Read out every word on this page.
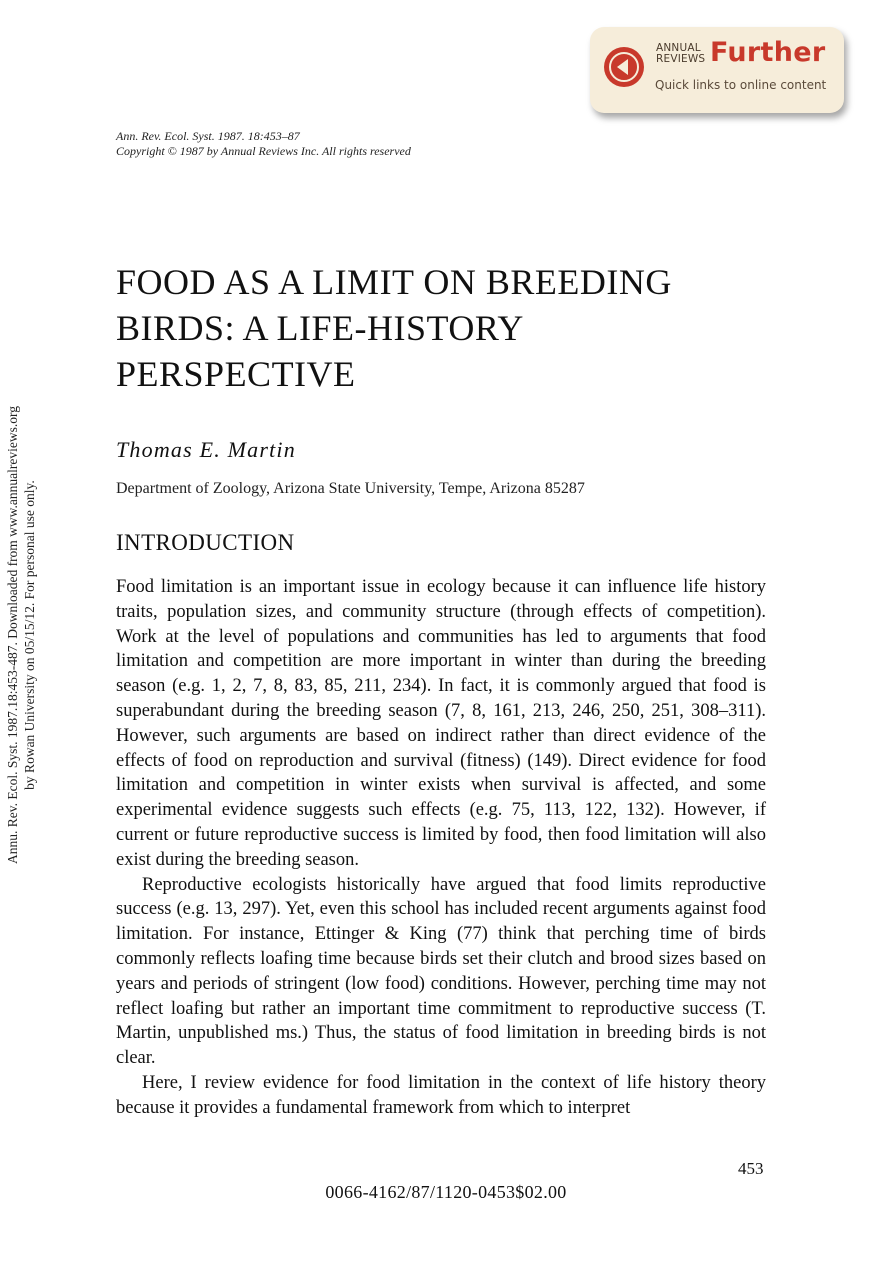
ANNUAL
REVIEWS Further
Quick links to online content
Annu. Rev. Ecol. Syst. 1987.18:453-487. Downloaded from www.annualreviews.org by Rowan University on 05/15/12. For personal use only.
Ann. Rev. Ecol. Syst. 1987. 18:453–87
Copyright © 1987 by Annual Reviews Inc. All rights reserved
FOOD AS A LIMIT ON BREEDING
BIRDS: A LIFE-HISTORY
PERSPECTIVE
Thomas E. Martin
Department of Zoology, Arizona State University, Tempe, Arizona 85287
INTRODUCTION

Food limitation is an important issue in ecology because it can influence life history traits, population sizes, and community structure (through effects of competition). Work at the level of populations and communities has led to arguments that food limitation and competition are more important in winter than during the breeding season (e.g. 1, 2, 7, 8, 83, 85, 211, 234). In fact, it is commonly argued that food is superabundant during the breeding season (7, 8, 161, 213, 246, 250, 251, 308–311). However, such arguments are based on indirect rather than direct evidence of the effects of food on reproduction and survival (fitness) (149). Direct evidence for food limitation and competition in winter exists when survival is affected, and some experimental evidence suggests such effects (e.g. 75, 113, 122, 132). However, if current or future reproductive success is limited by food, then food limitation will also exist during the breeding season.

Reproductive ecologists historically have argued that food limits reproductive success (e.g. 13, 297). Yet, even this school has included recent arguments against food limitation. For instance, Ettinger & King (77) think that perching time of birds commonly reflects loafing time because birds set their clutch and brood sizes based on years and periods of stringent (low food) conditions. However, perching time may not reflect loafing but rather an important time commitment to reproductive success (T. Martin, unpublished ms.) Thus, the status of food limitation in breeding birds is not clear.

Here, I review evidence for food limitation in the context of life history theory because it provides a fundamental framework from which to interpret

453
0066-4162/87/1120-0453$02.00
